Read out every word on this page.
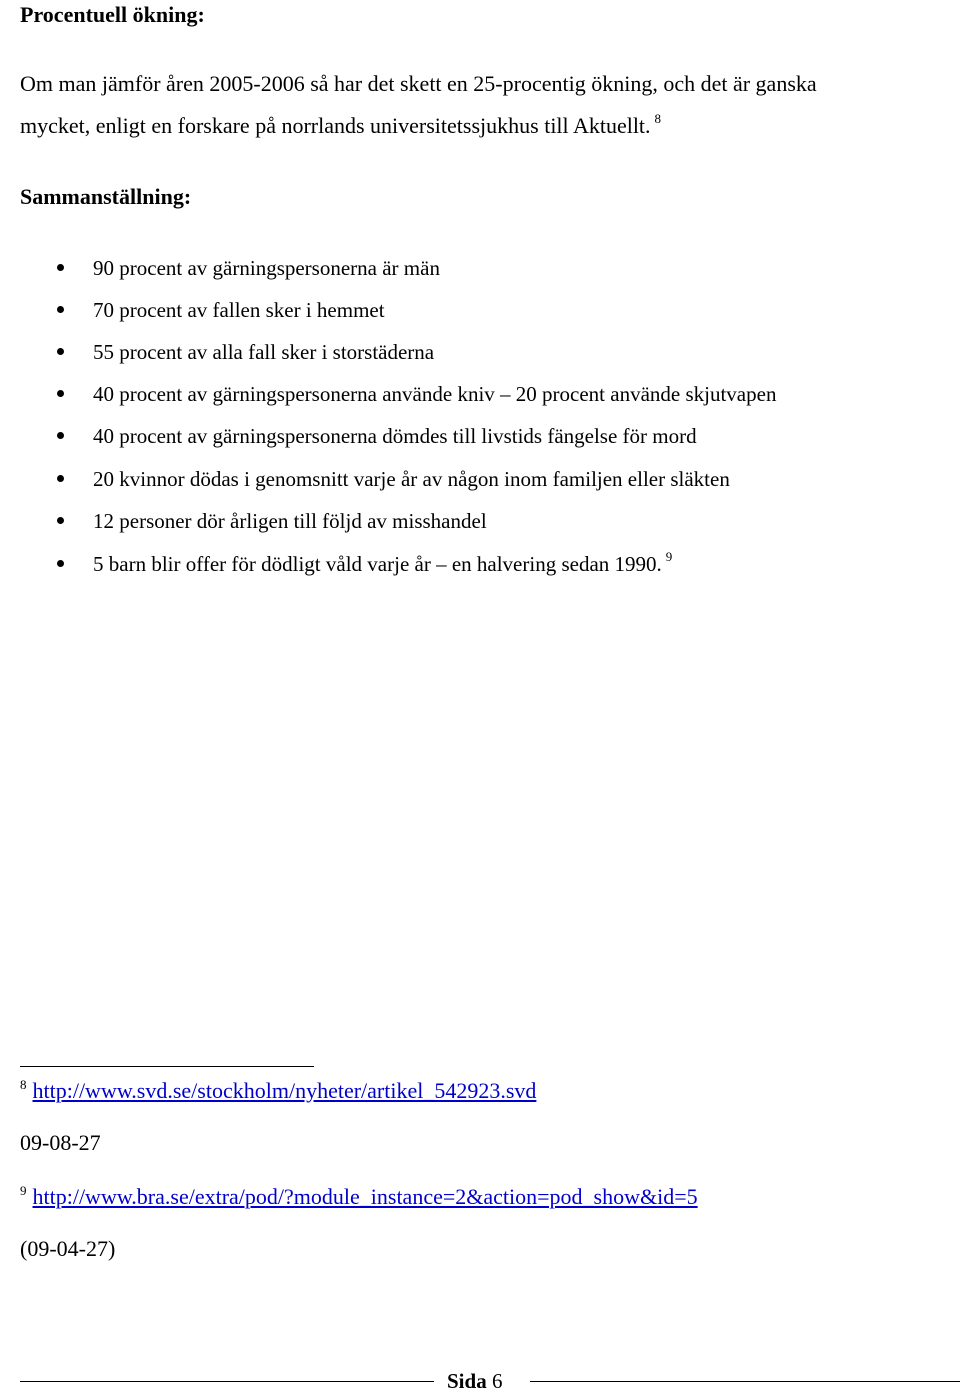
Procentuell ökning:
Om man jämför åren 2005-2006 så har det skett en 25-procentig ökning, och det är ganska
mycket, enligt en forskare på norrlands universitetssjukhus till Aktuellt. $^8$
Sammanställning:
90 procent av gärningspersonerna är män
70 procent av fallen sker i hemmet
55 procent av alla fall sker i storstäderna
40 procent av gärningspersonerna använde kniv – 20 procent använde skjutvapen
40 procent av gärningspersonerna dömdes till livstids fängelse för mord
20 kvinnor dödas i genomsnitt varje år av någon inom familjen eller släkten
12 personer dör årligen till följd av misshandel
5 barn blir offer för dödligt våld varje år – en halvering sedan 1990. $^9$
$^8$ http://www.svd.se/stockholm/nyheter/artikel_542923.svd
09-08-27
$^9$ http://www.bra.se/extra/pod/?module_instance=2&action=pod_show&id=5
(09-04-27)
Sida 6
